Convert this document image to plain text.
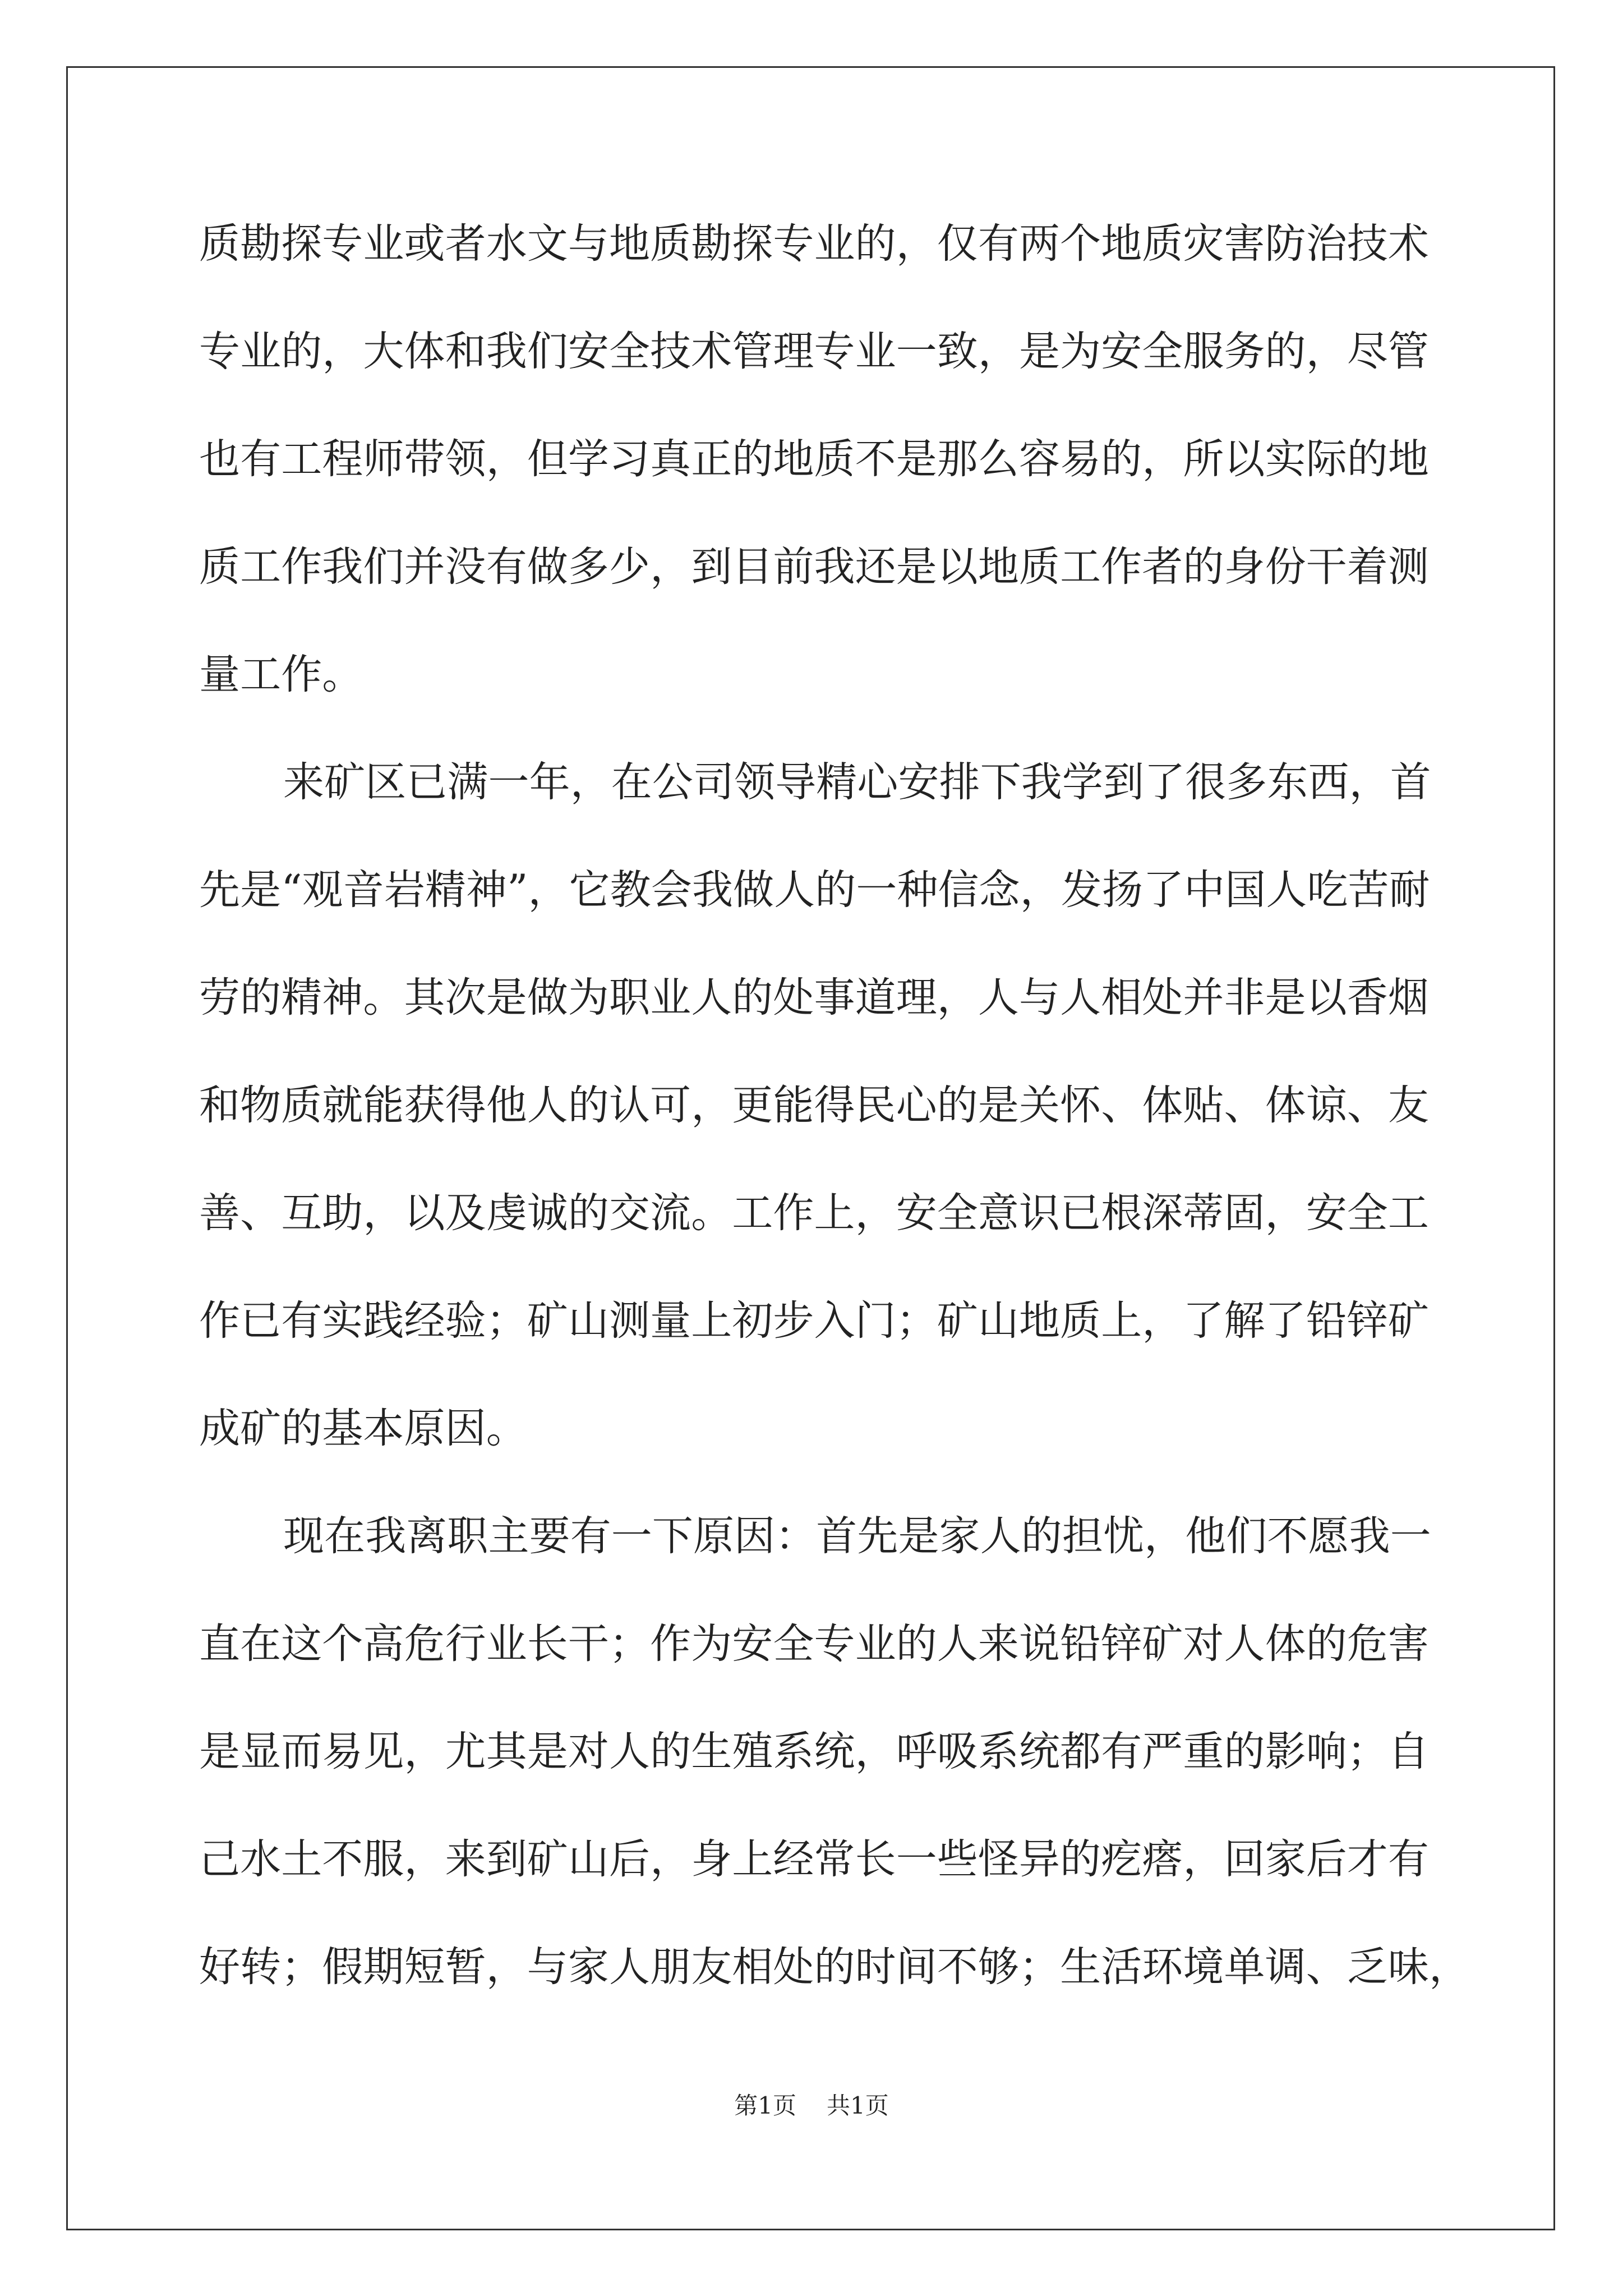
质勘探专业或者水文与地质勘探专业的，仅有两个地质灾害防治技术
专业的，大体和我们安全技术管理专业一致，是为安全服务的，尽管
也有工程师带领，但学习真正的地质不是那么容易的，所以实际的地
质工作我们并没有做多少，到目前我还是以地质工作者的身份干着测
量工作。
来矿区已满一年，在公司领导精心安排下我学到了很多东西，首
先是“观音岩精神”，它教会我做人的一种信念，发扬了中国人吃苦耐
劳的精神。其次是做为职业人的处事道理，人与人相处并非是以香烟
和物质就能获得他人的认可，更能得民心的是关怀、体贴、体谅、友
善、互助，以及虔诚的交流。工作上，安全意识已根深蒂固，安全工
作已有实践经验；矿山测量上初步入门；矿山地质上，了解了铅锌矿
成矿的基本原因。
现在我离职主要有一下原因：首先是家人的担忧，他们不愿我一
直在这个高危行业长干；作为安全专业的人来说铅锌矿对人体的危害
是显而易见，尤其是对人的生殖系统，呼吸系统都有严重的影响；自
己水土不服，来到矿山后，身上经常长一些怪异的疙瘩，回家后才有
好转；假期短暂，与家人朋友相处的时间不够；生活环境单调、乏味，
第1页 共1页
